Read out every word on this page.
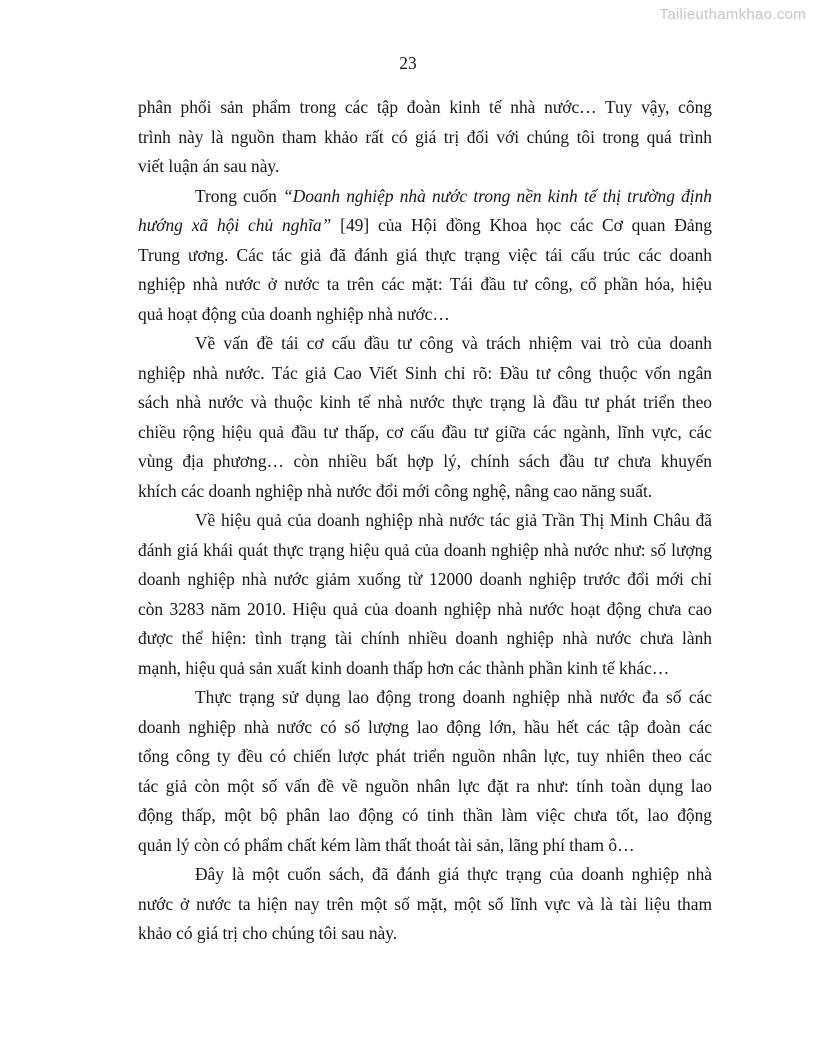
Tailieuthamkhao.com
23
phân phối sản phẩm trong các tập đoàn kinh tế nhà nước… Tuy vậy, công
trình này là nguồn tham khảo rất có giá trị đối với chúng tôi trong quá trình
viết luận án sau này.
Trong cuốn “Doanh nghiệp nhà nước trong nền kinh tế thị trường định
hướng xã hội chủ nghĩa” [49] của Hội đồng Khoa học các Cơ quan Đảng
Trung ương. Các tác giả đã đánh giá thực trạng việc tái cấu trúc các doanh
nghiệp nhà nước ở nước ta trên các mặt: Tái đầu tư công, cổ phần hóa, hiệu
quả hoạt động của doanh nghiệp nhà nước…
Về vấn đề tái cơ cấu đầu tư công và trách nhiệm vai trò của doanh
nghiệp nhà nước. Tác giả Cao Viết Sinh chỉ rõ: Đầu tư công thuộc vốn ngân
sách nhà nước và thuộc kinh tế nhà nước thực trạng là đầu tư phát triển theo
chiều rộng hiệu quả đầu tư thấp, cơ cấu đầu tư giữa các ngành, lĩnh vực, các
vùng địa phương… còn nhiều bất hợp lý, chính sách đầu tư chưa khuyến
khích các doanh nghiệp nhà nước đổi mới công nghệ, nâng cao năng suất.
Về hiệu quả của doanh nghiệp nhà nước tác giả Trần Thị Minh Châu đã
đánh giá khái quát thực trạng hiệu quả của doanh nghiệp nhà nước như: số lượng
doanh nghiệp nhà nước giảm xuống từ 12000 doanh nghiệp trước đổi mới chỉ
còn 3283 năm 2010. Hiệu quả của doanh nghiệp nhà nước hoạt động chưa cao
được thể hiện: tình trạng tài chính nhiều doanh nghiệp nhà nước chưa lành
mạnh, hiệu quả sản xuất kinh doanh thấp hơn các thành phần kinh tế khác…
Thực trạng sử dụng lao động trong doanh nghiệp nhà nước đa số các
doanh nghiệp nhà nước có số lượng lao động lớn, hầu hết các tập đoàn các
tổng công ty đều có chiến lược phát triển nguồn nhân lực, tuy nhiên theo các
tác giả còn một số vấn đề về nguồn nhân lực đặt ra như: tính toàn dụng lao
động thấp, một bộ phân lao động có tinh thần làm việc chưa tốt, lao động
quản lý còn có phẩm chất kém làm thất thoát tài sản, lãng phí tham ô…
Đây là một cuốn sách, đã đánh giá thực trạng của doanh nghiệp nhà
nước ở nước ta hiện nay trên một số mặt, một số lĩnh vực và là tài liệu tham
khảo có giá trị cho chúng tôi sau này.
